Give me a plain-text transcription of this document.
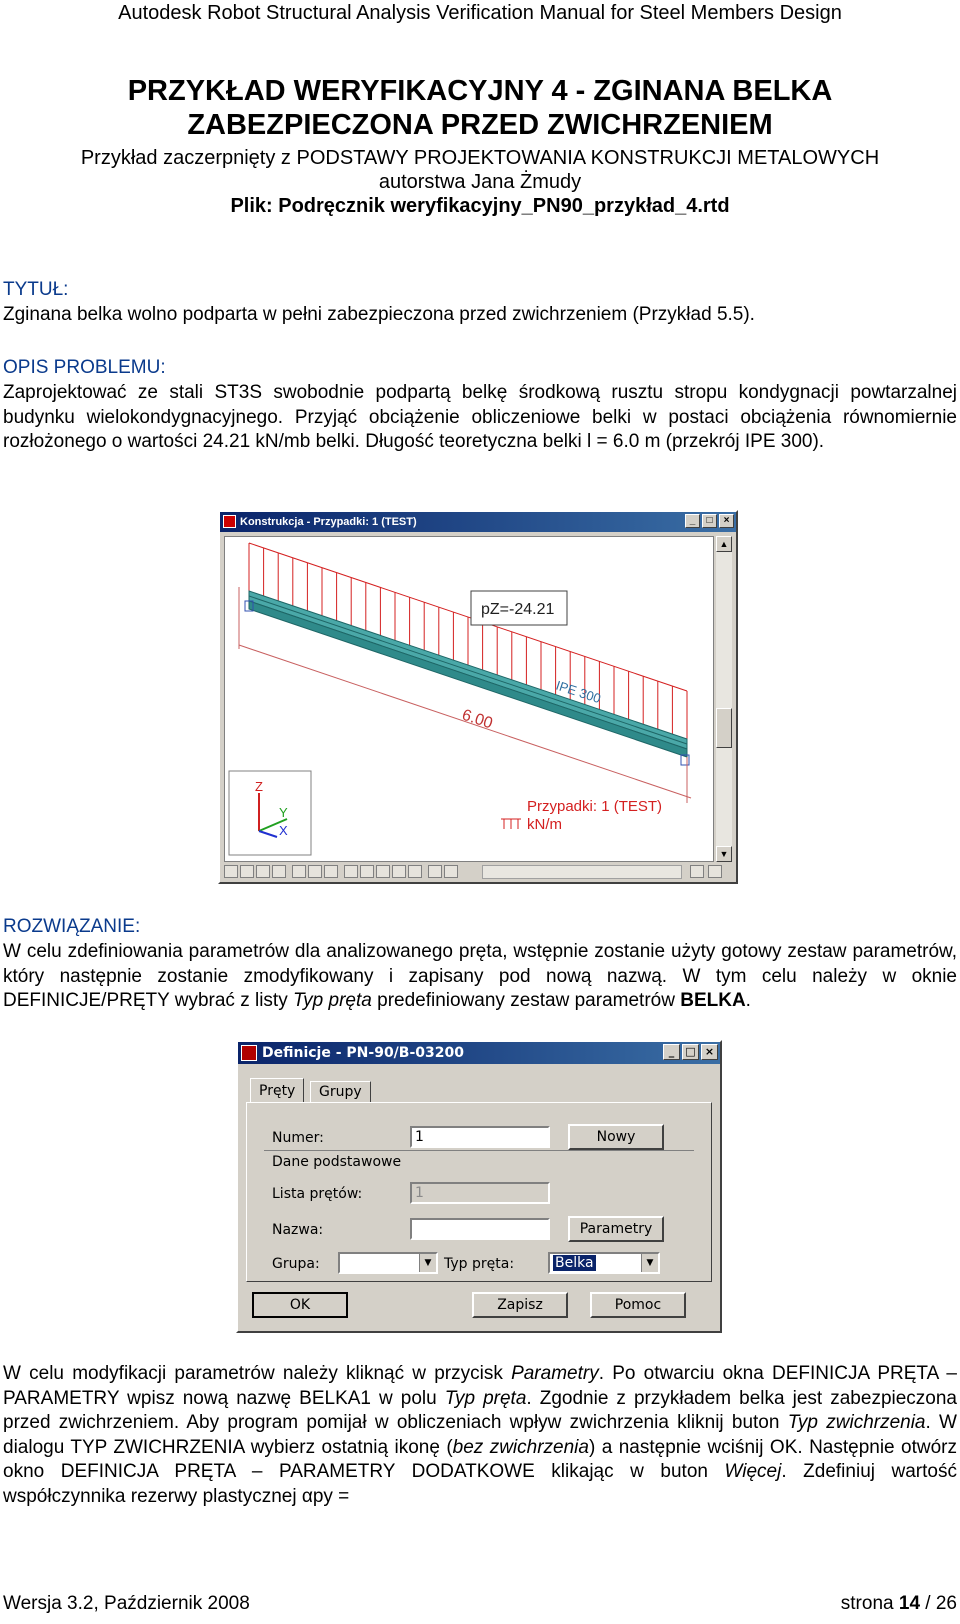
Autodesk Robot Structural Analysis Verification Manual for Steel Members Design
PRZYKŁAD WERYFIKACYJNY 4 - ZGINANA BELKA
ZABEZPIECZONA PRZED ZWICHRZENIEM
Przykład zaczerpnięty z PODSTAWY PROJEKTOWANIA KONSTRUKCJI METALOWYCH
autorstwa Jana Żmudy
Plik: Podręcznik weryfikacyjny_PN90_przykład_4.rtd
TYTUŁ:
Zginana belka wolno podparta w pełni zabezpieczona przed zwichrzeniem (Przykład 5.5).
OPIS PROBLEMU:
Zaprojektować ze stali ST3S swobodnie podpartą belkę środkową rusztu stropu kondygnacji powtarzalnej budynku wielokondygnacyjnego. Przyjąć obciążenie obliczeniowe belki w postaci obciążenia równomiernie rozłożonego o wartości 24.21 kN/mb belki. Długość teoretyczna belki l = 6.0 m (przekrój IPE 300).
Konstrukcja - Przypadki: 1 (TEST)	_	□	×
6.00
IPE 300
pZ=-24.21
Z
Y
X
Przypadki: 1 (TEST)
kN/m
▲
▼
ROZWIĄZANIE:
W celu zdefiniowania parametrów dla analizowanego pręta, wstępnie zostanie użyty gotowy zestaw parametrów, który następnie zostanie zmodyfikowany i zapisany pod nową nazwą. W tym celu należy w oknie DEFINICJE/PRĘTY wybrać z listy Typ pręta predefiniowany zestaw parametrów BELKA.
Definicje - PN-90/B-03200	_	□ ×
Pręty	Grupy
Numer:	1	Nowy
Dane podstawowe
Lista prętów:	1
Nazwa:	Parametry
Grupa:	▼ Typ pręta:	Belka	▼
OK	Zapisz	Pomoc
W celu modyfikacji parametrów należy kliknąć w przycisk Parametry. Po otwarciu okna DEFINICJA PRĘTA – PARAMETRY wpisz nową nazwę BELKA1 w polu Typ pręta. Zgodnie z przykładem belka jest zabezpieczona przed zwichrzeniem. Aby program pomijał w obliczeniach wpływ zwichrzenia kliknij buton Typ zwichrzenia. W dialogu TYP ZWICHRZENIA wybierz ostatnią ikonę (bez zwichrzenia) a następnie wciśnij OK. Następnie otwórz okno DEFINICJA PRĘTA – PARAMETRY DODATKOWE klikając w buton Więcej. Zdefiniuj wartość współczynnika rezerwy plastycznej αpy =
Wersja 3.2, Październik 2008	strona 14 / 26
